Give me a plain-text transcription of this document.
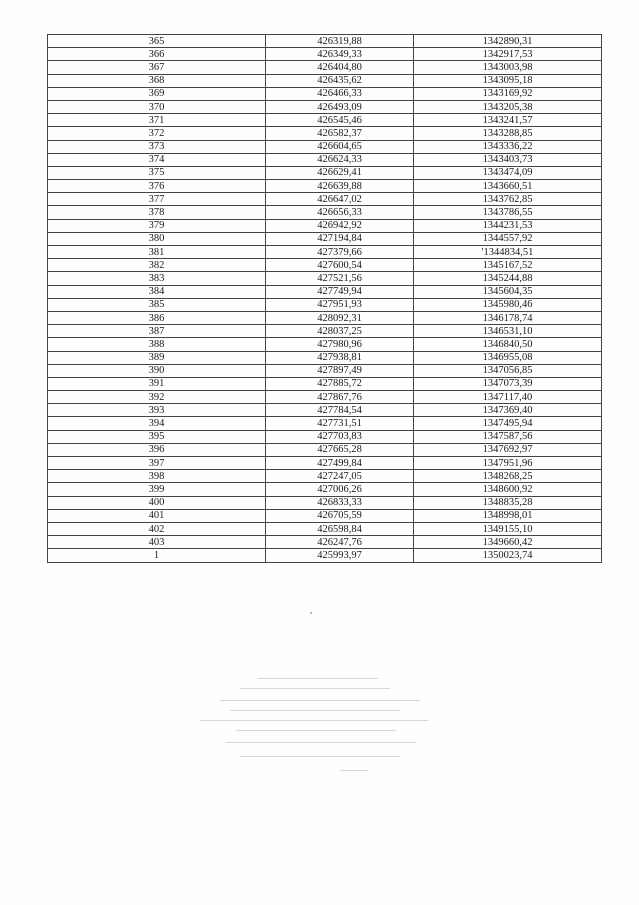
365	426319,88	1342890,31
366	426349,33	1342917,53
367	426404,80	1343003,98
368	426435,62	1343095,18
369	426466,33	1343169,92
370	426493,09	1343205,38
371	426545,46	1343241,57
372	426582,37	1343288,85
373	426604,65	1343336,22
374	426624,33	1343403,73
375	426629,41	1343474,09
376	426639,88	1343660,51
377	426647,02	1343762,85
378	426656,33	1343786,55
379	426942,92	1344231,53
380	427194,84	1344557,92
381	427379,66	'1344834,51
382	427600,54	1345167,52
383	427521,56	1345244,88
384	427749,94	1345604,35
385	427951,93	1345980,46
386	428092,31	1346178,74
387	428037,25	1346531,10
388	427980,96	1346840,50
389	427938,81	1346955,08
390	427897,49	1347056,85
391	427885,72	1347073,39
392	427867,76	1347117,40
393	427784,54	1347369,40
394	427731,51	1347495,94
395	427703,83	1347587,56
396	427665,28	1347692,97
397	427499,84	1347951,96
398	427247,05	1348268,25
399	427006,26	1348600,92
400	426833,33	1348835,28
401	426705,59	1348998,01
402	426598,84	1349155,10
403	426247,76	1349660,42
1	425993,97	1350023,74
